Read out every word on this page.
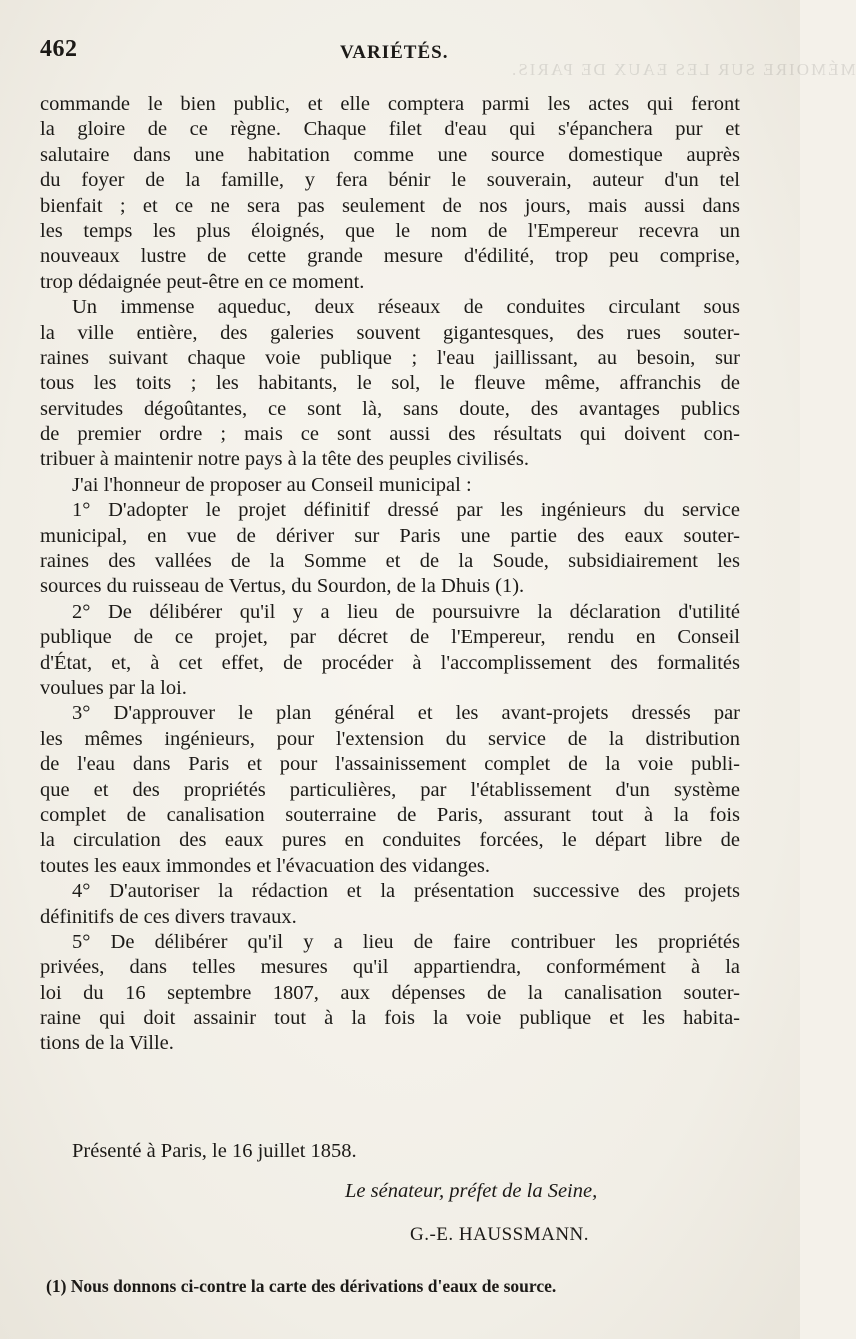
462	VARIÉTÉS.
MÉMOIRE SUR LES EAUX DE PARIS.
commande le bien public, et elle comptera parmi les actes qui feront
la gloire de ce règne. Chaque filet d'eau qui s'épanchera pur et
salutaire dans une habitation comme une source domestique auprès
du foyer de la famille, y fera bénir le souverain, auteur d'un tel
bienfait ; et ce ne sera pas seulement de nos jours, mais aussi dans
les temps les plus éloignés, que le nom de l'Empereur recevra un
nouveaux lustre de cette grande mesure d'édilité, trop peu comprise,
trop dédaignée peut-être en ce moment.
Un immense aqueduc, deux réseaux de conduites circulant sous
la ville entière, des galeries souvent gigantesques, des rues souter-
raines suivant chaque voie publique ; l'eau jaillissant, au besoin, sur
tous les toits ; les habitants, le sol, le fleuve même, affranchis de
servitudes dégoûtantes, ce sont là, sans doute, des avantages publics
de premier ordre ; mais ce sont aussi des résultats qui doivent con-
tribuer à maintenir notre pays à la tête des peuples civilisés.
J'ai l'honneur de proposer au Conseil municipal :
1° D'adopter le projet définitif dressé par les ingénieurs du service
municipal, en vue de dériver sur Paris une partie des eaux souter-
raines des vallées de la Somme et de la Soude, subsidiairement les
sources du ruisseau de Vertus, du Sourdon, de la Dhuis (1).
2° De délibérer qu'il y a lieu de poursuivre la déclaration d'utilité
publique de ce projet, par décret de l'Empereur, rendu en Conseil
d'État, et, à cet effet, de procéder à l'accomplissement des formalités
voulues par la loi.
3° D'approuver le plan général et les avant-projets dressés par
les mêmes ingénieurs, pour l'extension du service de la distribution
de l'eau dans Paris et pour l'assainissement complet de la voie publi-
que et des propriétés particulières, par l'établissement d'un système
complet de canalisation souterraine de Paris, assurant tout à la fois
la circulation des eaux pures en conduites forcées, le départ libre de
toutes les eaux immondes et l'évacuation des vidanges.
4° D'autoriser la rédaction et la présentation successive des projets
définitifs de ces divers travaux.
5° De délibérer qu'il y a lieu de faire contribuer les propriétés
privées, dans telles mesures qu'il appartiendra, conformément à la
loi du 16 septembre 1807, aux dépenses de la canalisation souter-
raine qui doit assainir tout à la fois la voie publique et les habita-
tions de la Ville.
Présenté à Paris, le 16 juillet 1858.
Le sénateur, préfet de la Seine,
G.-E. HAUSSMANN.
(1) Nous donnons ci-contre la carte des dérivations d'eaux de source.
